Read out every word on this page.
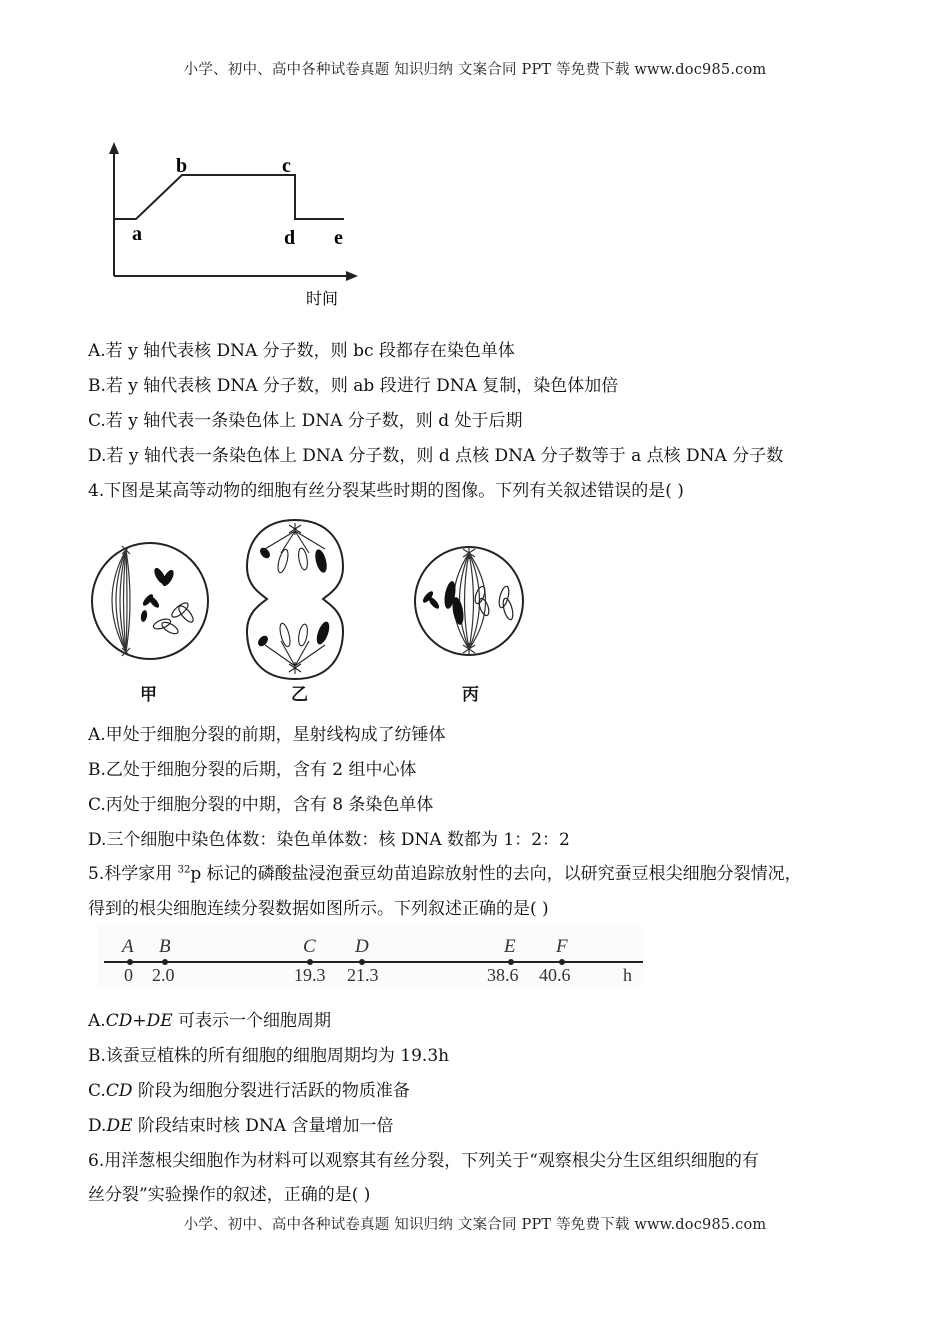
小学、初中、高中各种试卷真题 知识归纳 文案合同 PPT 等免费下载 www.doc985.com
a
b	c
d e
时间
A.若 y 轴代表核 DNA 分子数，则 bc 段都存在染色单体
B.若 y 轴代表核 DNA 分子数，则 ab 段进行 DNA 复制，染色体加倍
C.若 y 轴代表一条染色体上 DNA 分子数，则 d 处于后期
D.若 y 轴代表一条染色体上 DNA 分子数，则 d 点核 DNA 分子数等于 a 点核 DNA 分子数
4.下图是某高等动物的细胞有丝分裂某些时期的图像。下列有关叙述错误的是( )
甲	乙	丙
A.甲处于细胞分裂的前期，星射线构成了纺锤体
B.乙处于细胞分裂的后期，含有 2 组中心体
C.丙处于细胞分裂的中期，含有 8 条染色单体
D.三个细胞中染色体数：染色单体数：核 DNA 数都为 1：2：2
5.科学家用 $^{32}$p 标记的磷酸盐浸泡蚕豆幼苗追踪放射性的去向，以研究蚕豆根尖细胞分裂情况，
得到的根尖细胞连续分裂数据如图所示。下列叙述正确的是( )
A B	C D	E F
0 2.0	19.3 21.3	38.6 40.6	h
A.CD+DE 可表示一个细胞周期
B.该蚕豆植株的所有细胞的细胞周期均为 19.3h
C.CD 阶段为细胞分裂进行活跃的物质准备
D.DE 阶段结束时核 DNA 含量增加一倍
6.用洋葱根尖细胞作为材料可以观察其有丝分裂，下列关于“观察根尖分生区组织细胞的有
丝分裂”实验操作的叙述，正确的是( )
小学、初中、高中各种试卷真题 知识归纳 文案合同 PPT 等免费下载 www.doc985.com
